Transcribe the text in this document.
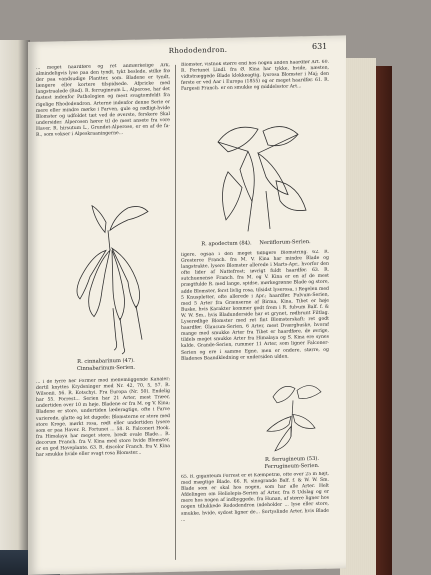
Rhododendron.	631
... meget haardføre og ret anmærkelige Ark, almindeligvis lyse paa den tyndt, tykt beslede, stilke frø der paa vandsudige Plantter, som. Bladene er tyndt, længere eller kortere tilspidsede. Afpricke med langstraalede (Rod). R. ferrugineum L., Alperose, har det fastest indenfor Pathologien og mest svagtomfeldt fra rigelige Rhododendron. Arterne indenfor denne Serie er mere eller mindre mørke i Farven, gule og rødligt-hvide Blomster og udfoldet tæt ved de øverste, ferskere Skal undersider. Alperosen hører til de mest ansete fra vore Haver. R. hirsutum L., Grundet-Alperose, er en af de fa- R., som vokser i Alpeskraaningerne...
R. cinnabarinum (47).
Cinnabarinum-Serien.
... i de fyrre her Former mod mellemliggende Kanaler; dertil knyttes Krydsninger med Nr. 42, 70, 5, 57. R. Wilsonii. 56. R. Kotschyi. Fra Europa (Nr. 50). Endelig har 55. Forrest... Serien har 21 Arter, mest Træer, undertiden over 10 m høje. Bladene er fra M. og V. Kina; Bladene er store, undertiden læderagtige, ofte i Farve varierede, glatte og let dugede; Blomsterne er store med store Kroge, mørkt rosa, rødt eller undertiden lysere som er paa Haver. R. Fortunei ... 58. R. Falconeri Hook. fra Himalaya har meget store, bredt ovale Blade... R. decorum Franch. fra V. Kina med store hvide Blomster, er en god Haveplante. 63. R. discolor Franch. fra V. Kina har smukke hvide eller svagt rosa Blomster...
Blomster, vistnok større end hos nogen anden haardfør Art. 60. R. Fortunei Lindl. fra Ø. Kina har tykke, hvide, næsten, vidtstræggede Blade klokkeagtig, lysrosa Blomster i Maj; den første er ved Aar i Europa (1855) og er meget haardfør. 61. R. Fargesii Franch. er en smukke og middelsstor Art...
R. apodectum (84). Neriiflorum-Serien.
ligere, ogsaa i den meget tidligere Blomstring. 62. R. Gresterce Franch. fra M. V. Kina har mindre Blade og langstrakte, lysere Blomster allerede i Marts-Apr., hvorfor den ofte lider af Nattefrost; iøvrigt fuldt haardfør. 63. R. sutchuenense Franch. fra M. og V. Kina er en af de mest prægtfulde R. med lange, spidse, mørkegrønne Blade og store, adde Blomster, ferst livlig rosa, tilsidst lyserosa, i Regelen med 5 Knuspletter, ofte allerede i Apr.; haardfør. Fulvum-Serien, med 5 Arter fra Grænserne af Birma, Kina, Tibet er høje Buske, hvis Karakter kommer godt frem i R. fulvum Balf. f. & W. W. Sm., hvis Bladunderside har et grynet, rødbrunt Filtlag. Lyserødlige Blomster med ret fint Blomsterskaft; ret godt haardfør. Glaucum-Serien, 6 Arter, mest Dværgbuske, hvoraf mange med smukke Arter fra Tibet er haardføre, de øvrige, tildels meget smukke Arter fra Himalaya og S. Kina ere synes kalde. Grande-Serien, rummer 11 Arter, som ligner Falconer-Serien og ere i samme Egne, men er ondere, større, og Bladenes Baandkledning er undersiden ulden.
R. ferrugineum (53).
Ferrugineum-Serien.
65. R. giganteum Forrest er et Kæmpetræ, ofte over 25 m højt, med mægtige Blade. 66. R. sinogrande Balf. f. & W. W. Sm. Blade som er skal hos nogen, som har alle Arter. Helt Afdelingen om Heliolepis-Serien af Arter, fra 8 Udslag og er mere hos nogen af indbyggede, fra Hunan, af større ligner hos nogen tillukkede Rododendron indeholder ... lyse eller store, smukke, hvide, sydost ligner de... Sortyslinde Arter, hvis Blade ...
